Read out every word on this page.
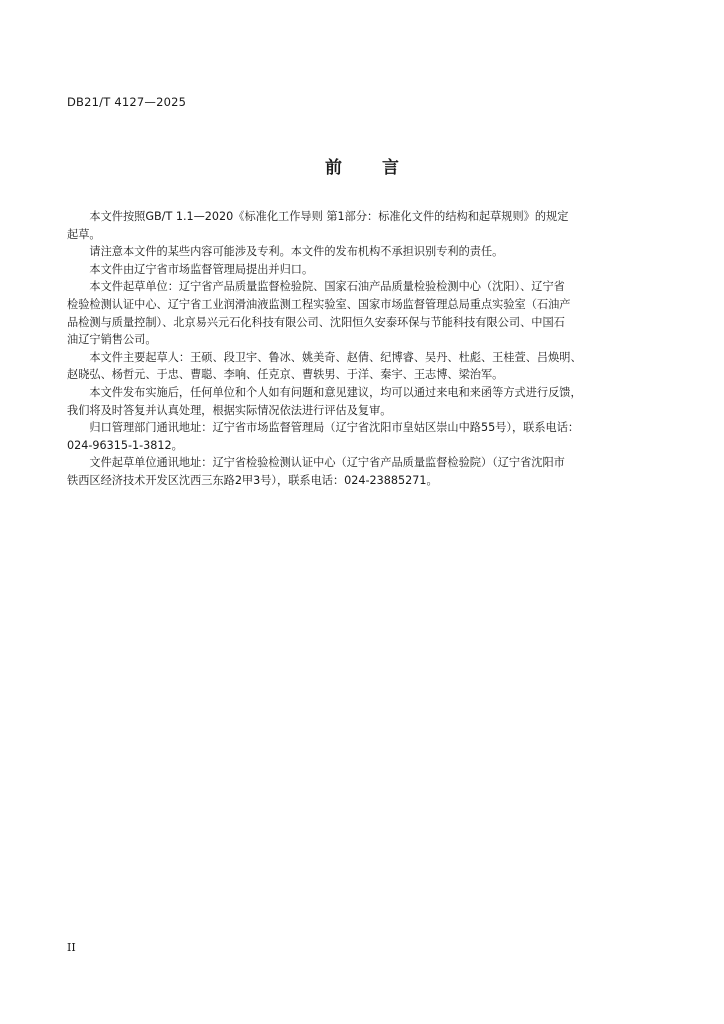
DB21/T 4127—2025
前 言
本文件按照GB/T 1.1—2020《标准化工作导则 第1部分：标准化文件的结构和起草规则》的规定
起草。
请注意本文件的某些内容可能涉及专利。本文件的发布机构不承担识别专利的责任。
本文件由辽宁省市场监督管理局提出并归口。
本文件起草单位：辽宁省产品质量监督检验院、国家石油产品质量检验检测中心（沈阳）、辽宁省
检验检测认证中心、辽宁省工业润滑油液监测工程实验室、国家市场监督管理总局重点实验室（石油产
品检测与质量控制）、北京易兴元石化科技有限公司、沈阳恒久安泰环保与节能科技有限公司、中国石
油辽宁销售公司。
本文件主要起草人：王硕、段卫宇、鲁冰、姚美奇、赵倩、纪博睿、吴丹、杜彪、王桂萱、吕焕明、
赵晓弘、杨哲元、于忠、曹聪、李响、任克京、曹轶男、于洋、秦宇、王志博、梁治军。
本文件发布实施后，任何单位和个人如有问题和意见建议，均可以通过来电和来函等方式进行反馈，
我们将及时答复并认真处理，根据实际情况依法进行评估及复审。
归口管理部门通讯地址：辽宁省市场监督管理局（辽宁省沈阳市皇姑区崇山中路55号），联系电话：
024-96315-1-3812。
文件起草单位通讯地址：辽宁省检验检测认证中心（辽宁省产品质量监督检验院）（辽宁省沈阳市
铁西区经济技术开发区沈西三东路2甲3号），联系电话：024-23885271。
II
